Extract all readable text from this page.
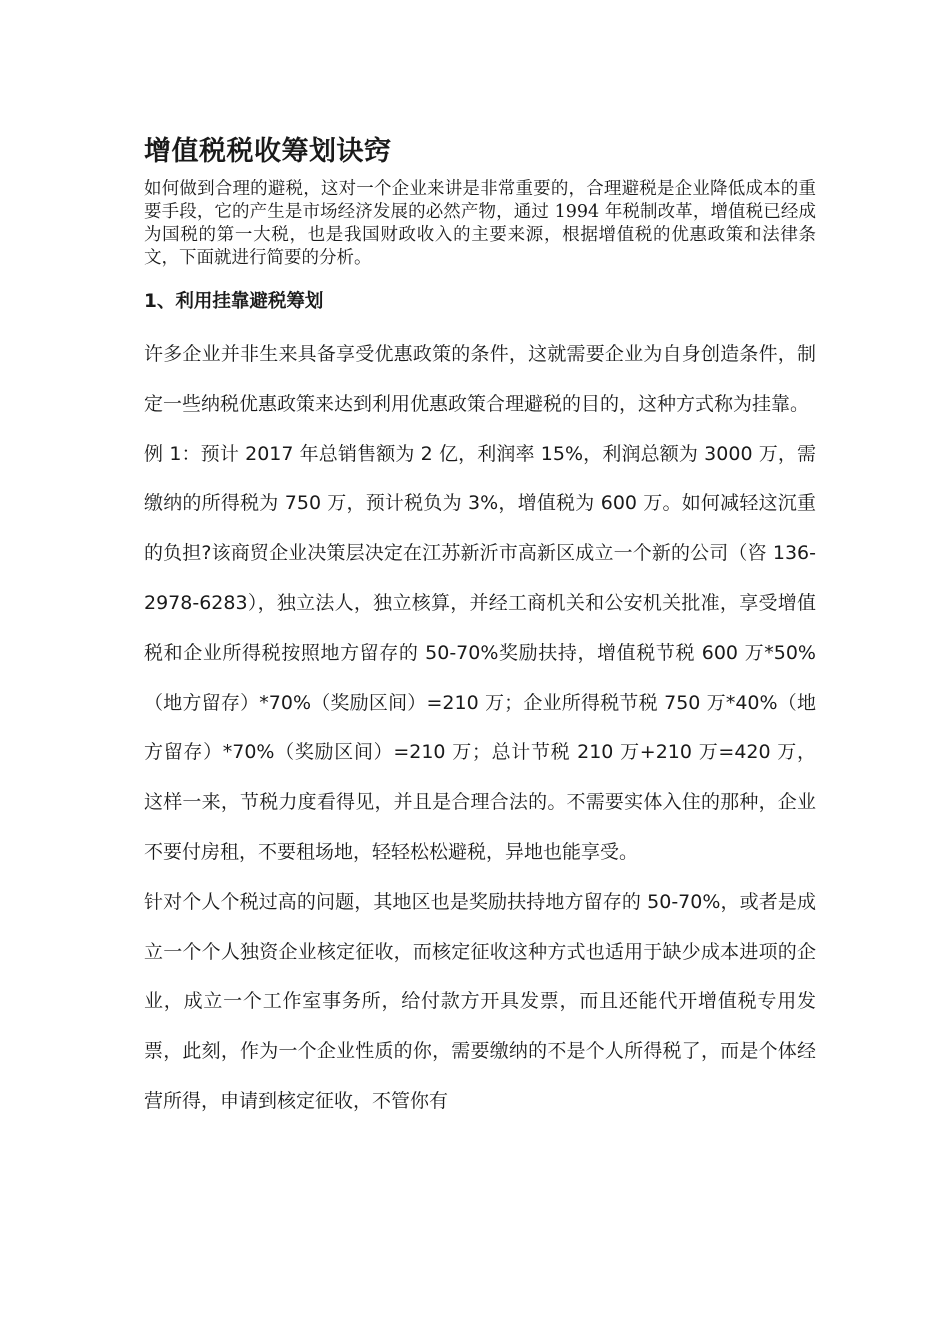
增值税税收筹划诀窍

如何做到合理的避税，这对一个企业来讲是非常重要的，合理避税是企业降低成本的重要手段，它的产生是市场经济发展的必然产物，通过 1994 年税制改革，增值税已经成为国税的第一大税，也是我国财政收入的主要来源，根据增值税的优惠政策和法律条文，下面就进行简要的分析。

1、利用挂靠避税筹划

许多企业并非生来具备享受优惠政策的条件，这就需要企业为自身创造条件，制定一些纳税优惠政策来达到利用优惠政策合理避税的目的，这种方式称为挂靠。

例 1：预计 2017 年总销售额为 2 亿，利润率 15%，利润总额为 3000 万，需缴纳的所得税为 750 万，预计税负为 3%，增值税为 600 万。如何减轻这沉重的负担?该商贸企业决策层决定在江苏新沂市高新区成立一个新的公司（咨 136-2978-6283），独立法人，独立核算，并经工商机关和公安机关批准，享受增值税和企业所得税按照地方留存的 50-70%奖励扶持，增值税节税 600 万*50%（地方留存）*70%（奖励区间）=210 万；企业所得税节税 750 万*40%（地方留存）*70%（奖励区间）=210 万；总计节税 210 万+210 万=420 万，这样一来，节税力度看得见，并且是合理合法的。不需要实体入住的那种，企业不要付房租，不要租场地，轻轻松松避税，异地也能享受。

针对个人个税过高的问题，其地区也是奖励扶持地方留存的 50-70%，或者是成立一个个人独资企业核定征收，而核定征收这种方式也适用于缺少成本进项的企业，成立一个工作室事务所，给付款方开具发票，而且还能代开增值税专用发票，此刻，作为一个企业性质的你，需要缴纳的不是个人所得税了，而是个体经营所得，申请到核定征收，不管你有
